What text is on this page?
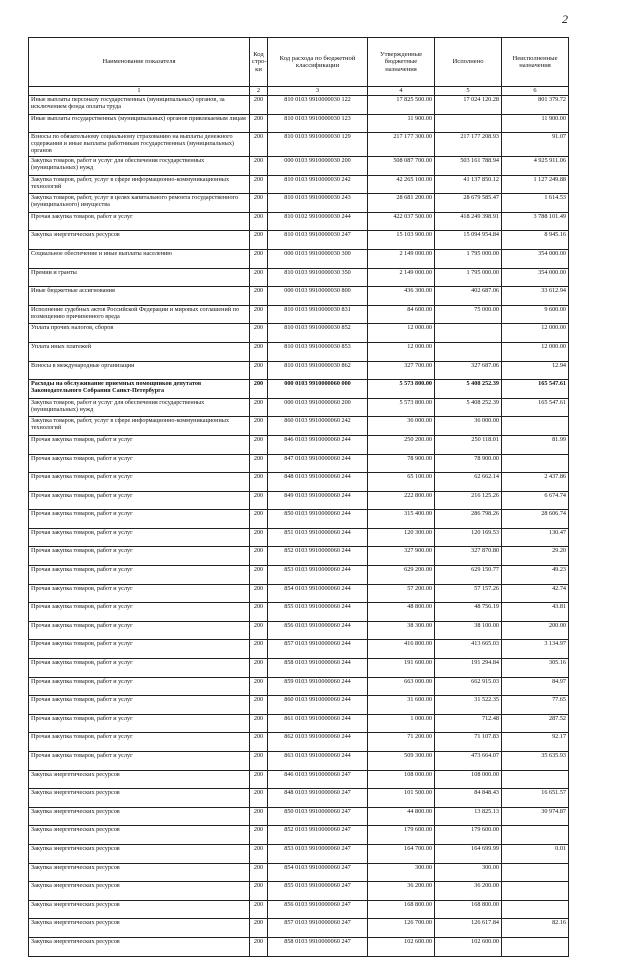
2
Наименование показателя	Код стро-ки	Код расхода по бюджетной классификации	Утвержденные бюджетные назначения	Исполнено	Неисполненные назначения
1	2	3	4	5	6
Иные выплаты персоналу государственных (муниципальных) органов, за исключением фонда оплаты труда	200	810 0103 9910000030 122	17 825 500.00	17 024 120.28	801 379.72
Иные выплаты государственных (муниципальных) органов привлекаемым лицам	200	810 0103 9910000030 123	11 900.00		11 900.00
Взносы по обязательному социальному страхованию на выплаты денежного содержания и иные выплаты работникам государственных (муниципальных) органов	200	810 0103 9910000030 129	217 177 300.00	217 177 208.93	91.07
Закупка товаров, работ и услуг для обеспечения государственных (муниципальных) нужд	200	000 0103 9910000030 200	508 087 700.00	503 161 788.94	4 925 911.06
Закупка товаров, работ, услуг в сфере информационно-коммуникационных технологий	200	810 0103 9910000030 242	42 265 100.00	41 137 850.12	1 127 249.88
Закупка товаров, работ, услуг в целях капитального ремонта государственного (муниципального) имущества	200	810 0103 9910000030 243	28 681 200.00	28 679 585.47	1 614.53
Прочая закупка товаров, работ и услуг	200	810 0102 9910000030 244	422 037 500.00	418 249 398.91	3 788 101.49
Закупка энергетических ресурсов	200	810 0103 9910000030 247	15 103 900.00	15 094 954.84	8 945.16
Социальное обеспечение и иные выплаты населению	200	000 0103 9910000030 300	2 149 000.00	1 795 000.00	354 000.00
Премии и гранты	200	810 0103 9910000030 350	2 149 000.00	1 795 000.00	354 000.00
Иные бюджетные ассигнования	200	000 0103 9910000030 800	436 300.00	402 687.06	33 612.94
Исполнение судебных актов Российской Федерации и мировых соглашений по возмещению причиненного вреда	200	810 0103 9910000030 831	84 600.00	75 000.00	9 600.00
Уплата прочих налогов, сборов	200	810 0103 9910000030 852	12 000.00		12 000.00
Уплата иных платежей	200	810 0103 9910000030 853	12 000.00		12 000.00
Взносы в международные организации	200	810 0103 9910000030 862	327 700.00	327 687.06	12.94
Расходы на обслуживание приемных помощников депутатов Законодательного Собрания Санкт-Петербурга	200	000 0103 9910000060 000	5 573 800.00	5 408 252.39	165 547.61
Закупка товаров, работ и услуг для обеспечения государственных (муниципальных) нужд	200	000 0103 9910000060 200	5 573 800.00	5 408 252.39	165 547.61
Закупка товаров, работ, услуг в сфере информационно-коммуникационных технологий	200	860 0103 9910000060 242	36 000.00	36 000.00	
Прочая закупка товаров, работ и услуг	200	846 0103 9910000060 244	250 200.00	250 118.01	81.99
Прочая закупка товаров, работ и услуг	200	847 0103 9910000060 244	78 900.00	78 900.00	
Прочая закупка товаров, работ и услуг	200	848 0103 9910000060 244	65 100.00	62 662.14	2 437.86
Прочая закупка товаров, работ и услуг	200	849 0103 9910000060 244	222 800.00	216 125.26	6 674.74
Прочая закупка товаров, работ и услуг	200	850 0103 9910000060 244	315 400.00	286 798.26	28 606.74
Прочая закупка товаров, работ и услуг	200	851 0103 9910000060 244	120 300.00	120 169.53	130.47
Прочая закупка товаров, работ и услуг	200	852 0103 9910000060 244	327 900.00	327 870.80	29.20
Прочая закупка товаров, работ и услуг	200	853 0103 9910000060 244	629 200.00	629 150.77	49.23
Прочая закупка товаров, работ и услуг	200	854 0103 9910000060 244	57 200.00	57 157.26	42.74
Прочая закупка товаров, работ и услуг	200	855 0103 9910000060 244	48 800.00	48 756.19	43.81
Прочая закупка товаров, работ и услуг	200	856 0103 9910000060 244	38 300.00	38 100.00	200.00
Прочая закупка товаров, работ и услуг	200	857 0103 9910000060 244	416 800.00	413 665.03	3 134.97
Прочая закупка товаров, работ и услуг	200	858 0103 9910000060 244	191 600.00	191 294.84	305.16
Прочая закупка товаров, работ и услуг	200	859 0103 9910000060 244	663 000.00	662 915.03	84.97
Прочая закупка товаров, работ и услуг	200	860 0103 9910000060 244	31 600.00	31 522.35	77.65
Прочая закупка товаров, работ и услуг	200	861 0103 9910000060 244	1 000.00	712.48	287.52
Прочая закупка товаров, работ и услуг	200	862 0103 9910000060 244	71 200.00	71 107.83	92.17
Прочая закупка товаров, работ и услуг	200	863 0103 9910000060 244	509 300.00	473 664.07	35 635.93
Закупка энергетических ресурсов	200	846 0103 9910000060 247	108 000.00	108 000.00	
Закупка энергетических ресурсов	200	848 0103 9910000060 247	101 500.00	84 848.43	16 651.57
Закупка энергетических ресурсов	200	850 0103 9910000060 247	44 800.00	13 825.13	30 974.87
Закупка энергетических ресурсов	200	852 0103 9910000060 247	179 600.00	179 600.00	
Закупка энергетических ресурсов	200	853 0103 9910000060 247	164 700.00	164 699.99	0.01
Закупка энергетических ресурсов	200	854 0103 9910000060 247	300.00	300.00	
Закупка энергетических ресурсов	200	855 0103 9910000060 247	36 200.00	36 200.00	
Закупка энергетических ресурсов	200	856 0103 9910000060 247	168 800.00	168 800.00	
Закупка энергетических ресурсов	200	857 0103 9910000060 247	126 700.00	126 617.84	82.16
Закупка энергетических ресурсов	200	858 0103 9910000060 247	102 600.00	102 600.00	
